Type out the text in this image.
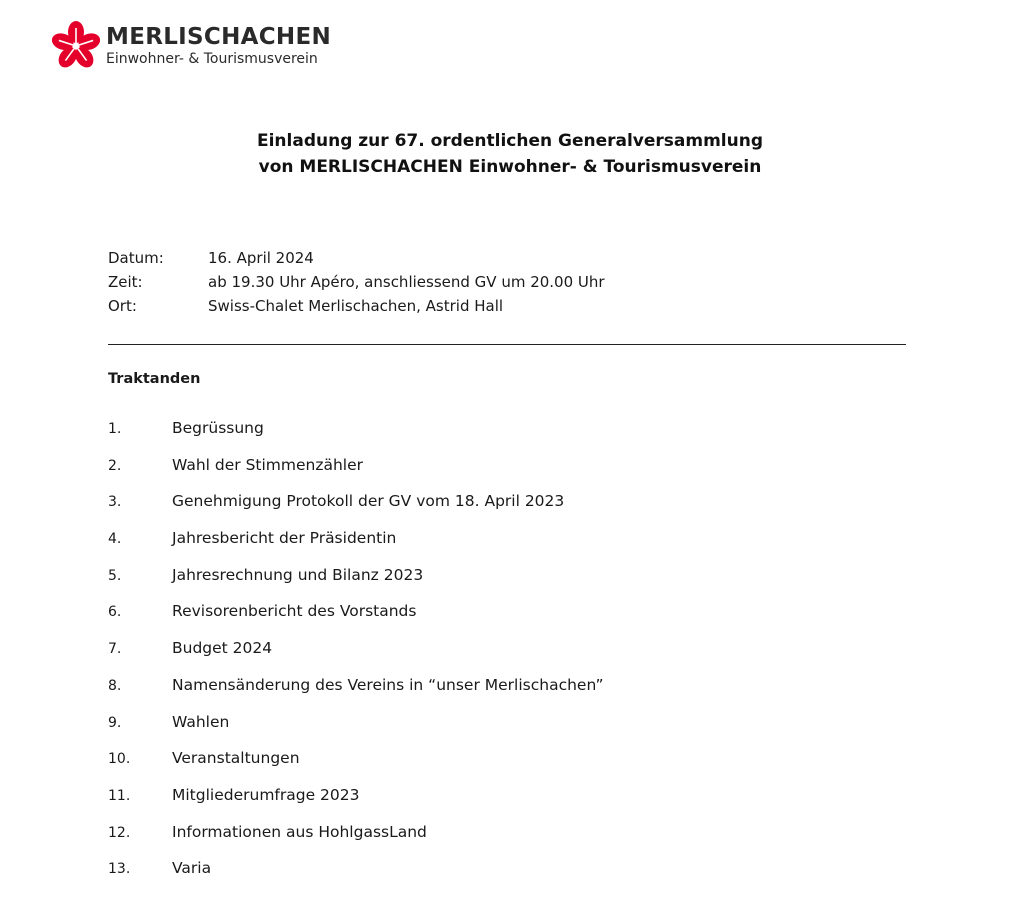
MERLISCHACHEN
Einwohner- & Tourismusverein
Einladung zur 67. ordentlichen Generalversammlung
von MERLISCHACHEN Einwohner- & Tourismusverein
Datum:	16. April 2024
Zeit:	ab 19.30 Uhr Apéro, anschliessend GV um 20.00 Uhr
Ort:	Swiss-Chalet Merlischachen, Astrid Hall
Traktanden
1.	Begrüssung
2.	Wahl der Stimmenzähler
3.	Genehmigung Protokoll der GV vom 18. April 2023
4.	Jahresbericht der Präsidentin
5.	Jahresrechnung und Bilanz 2023
6.	Revisorenbericht des Vorstands
7.	Budget 2024
8.	Namensänderung des Vereins in “unser Merlischachen”
9.	Wahlen
10.	Veranstaltungen
11.	Mitgliederumfrage 2023
12.	Informationen aus HohlgassLand
13.	Varia
